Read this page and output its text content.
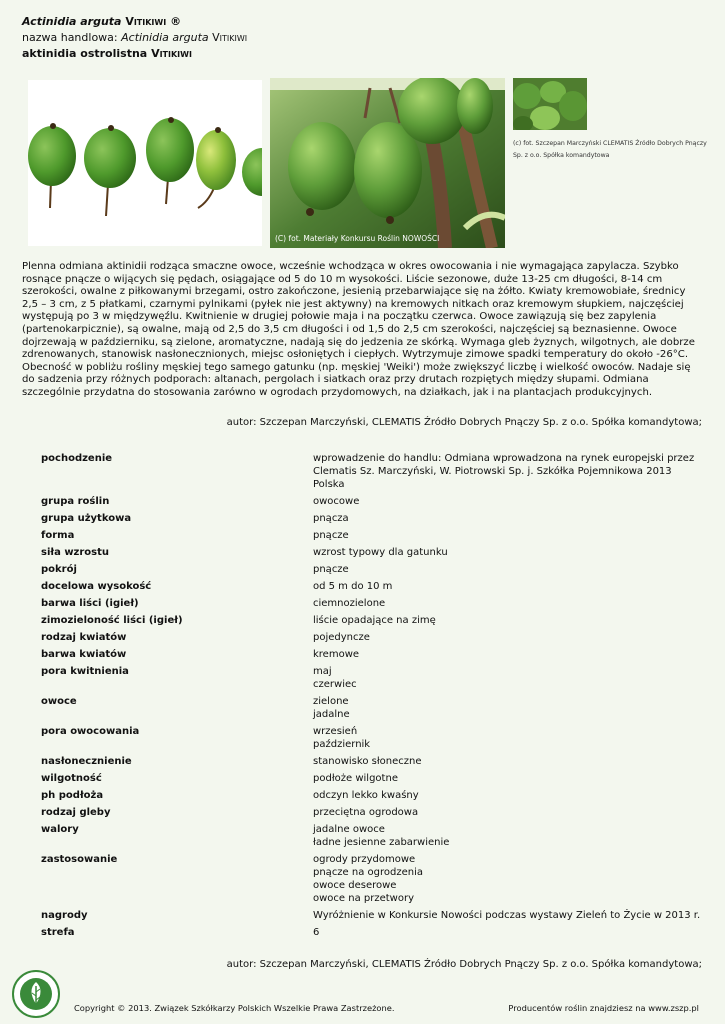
Actinidia arguta Vitikiwi ®
nazwa handlowa: Actinidia arguta Vitikiwi
aktinidia ostrolistna Vitikiwi
(C) fot. Materiały Konkursu Roślin NOWOŚCI
(c) fot. Szczepan Marczyński CLEMATIS Źródło Dobrych Pnączy Sp. z o.o. Spółka komandytowa
Plenna odmiana aktinidii rodząca smaczne owoce, wcześnie wchodząca w okres owocowania i nie wymagająca zapylacza. Szybko rosnące pnącze o wijących się pędach, osiągające od 5 do 10 m wysokości. Liście sezonowe, duże 13-25 cm długości, 8-14 cm szerokości, owalne z piłkowanymi brzegami, ostro zakończone, jesienią przebarwiające się na żółto. Kwiaty kremowobiałe, średnicy 2,5 – 3 cm, z 5 płatkami, czarnymi pylnikami (pyłek nie jest aktywny) na kremowych nitkach oraz kremowym słupkiem, najczęściej występują po 3 w międzywęźlu. Kwitnienie w drugiej połowie maja i na początku czerwca. Owoce zawiązują się bez zapylenia (partenokarpicznie), są owalne, mają od 2,5 do 3,5 cm długości i od 1,5 do 2,5 cm szerokości, najczęściej są beznasienne. Owoce dojrzewają w październiku, są zielone, aromatyczne, nadają się do jedzenia ze skórką. Wymaga gleb żyznych, wilgotnych, ale dobrze zdrenowanych, stanowisk nasłonecznionych, miejsc osłoniętych i ciepłych. Wytrzymuje zimowe spadki temperatury do około -26°C. Obecność w pobliżu rośliny męskiej tego samego gatunku (np. męskiej 'Weiki') może zwiększyć liczbę i wielkość owoców. Nadaje się do sadzenia przy różnych podporach: altanach, pergolach i siatkach oraz przy drutach rozpiętych między słupami. Odmiana szczególnie przydatna do stosowania zarówno w ogrodach przydomowych, na działkach, jak i na plantacjach produkcyjnych.
autor: Szczepan Marczyński, CLEMATIS Źródło Dobrych Pnączy Sp. z o.o. Spółka komandytowa;
pochodzenie	wprowadzenie do handlu: Odmiana wprowadzona na rynek europejski przez Clematis Sz. Marczyński, W. Piotrowski Sp. j. Szkółka Pojemnikowa 2013
Polska
grupa roślin	owocowe
grupa użytkowa	pnącza
forma	pnącze
siła wzrostu	wzrost typowy dla gatunku
pokrój	pnącze
docelowa wysokość	od 5 m do 10 m
barwa liści (igieł)	ciemnozielone
zimozieloność liści (igieł)	liście opadające na zimę
rodzaj kwiatów	pojedyncze
barwa kwiatów	kremowe
pora kwitnienia	maj
czerwiec
owoce	zielone
jadalne
pora owocowania	wrzesień
październik
nasłonecznienie	stanowisko słoneczne
wilgotność	podłoże wilgotne
ph podłoża	odczyn lekko kwaśny
rodzaj gleby	przeciętna ogrodowa
walory	jadalne owoce
ładne jesienne zabarwienie
zastosowanie	ogrody przydomowe
pnącze na ogrodzenia
owoce deserowe
owoce na przetwory
nagrody	Wyróżnienie w Konkursie Nowości podczas wystawy Zieleń to Życie w 2013 r.
strefa	6
autor: Szczepan Marczyński, CLEMATIS Źródło Dobrych Pnączy Sp. z o.o. Spółka komandytowa;
Copyright © 2013. Związek Szkółkarzy Polskich Wszelkie Prawa Zastrzeżone.	Producentów roślin znajdziesz na www.zszp.pl
